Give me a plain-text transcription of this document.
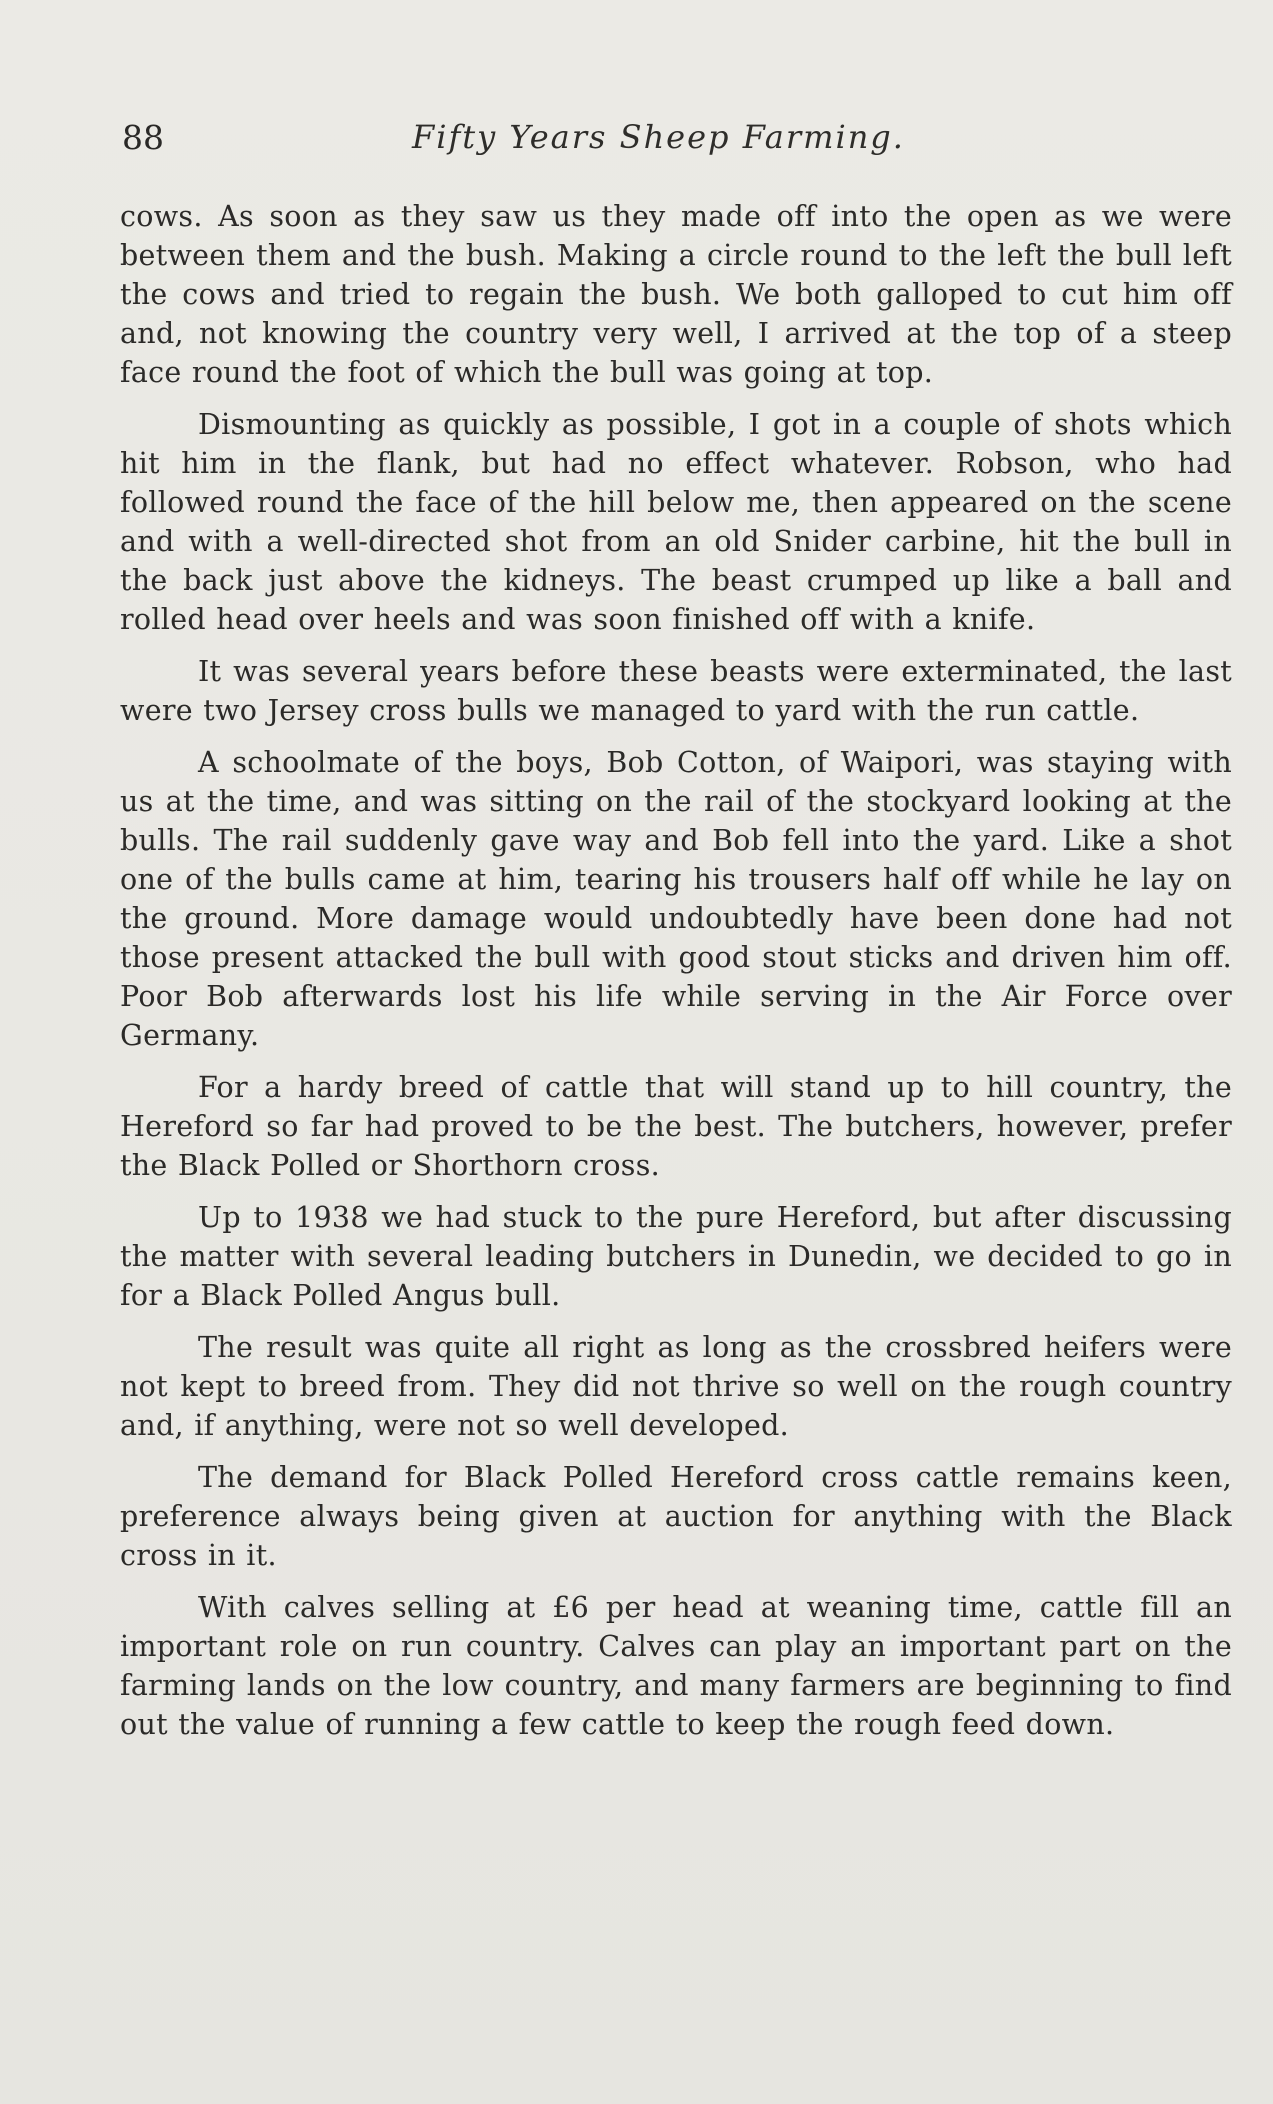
88	Fifty Years Sheep Farming.

cows. As soon as they saw us they made off into the open as we were between them and the bush. Making a circle round to the left the bull left the cows and tried to regain the bush. We both galloped to cut him off and, not knowing the country very well, I arrived at the top of a steep face round the foot of which the bull was going at top.

Dismounting as quickly as possible, I got in a couple of shots which hit him in the flank, but had no effect whatever. Robson, who had followed round the face of the hill below me, then appeared on the scene and with a well-directed shot from an old Snider carbine, hit the bull in the back just above the kidneys. The beast crumped up like a ball and rolled head over heels and was soon finished off with a knife.

It was several years before these beasts were exterminated, the last were two Jersey cross bulls we managed to yard with the run cattle.

A schoolmate of the boys, Bob Cotton, of Waipori, was staying with us at the time, and was sitting on the rail of the stockyard looking at the bulls. The rail suddenly gave way and Bob fell into the yard. Like a shot one of the bulls came at him, tearing his trousers half off while he lay on the ground. More damage would undoubtedly have been done had not those present attacked the bull with good stout sticks and driven him off. Poor Bob afterwards lost his life while serving in the Air Force over Germany.

For a hardy breed of cattle that will stand up to hill country, the Hereford so far had proved to be the best. The butchers, however, prefer the Black Polled or Shorthorn cross.

Up to 1938 we had stuck to the pure Hereford, but after discussing the matter with several leading butchers in Dunedin, we decided to go in for a Black Polled Angus bull.

The result was quite all right as long as the crossbred heifers were not kept to breed from. They did not thrive so well on the rough country and, if anything, were not so well developed.

The demand for Black Polled Hereford cross cattle remains keen, preference always being given at auction for anything with the Black cross in it.

With calves selling at £6 per head at weaning time, cattle fill an important role on run country. Calves can play an important part on the farming lands on the low country, and many farmers are beginning to find out the value of running a few cattle to keep the rough feed down.
